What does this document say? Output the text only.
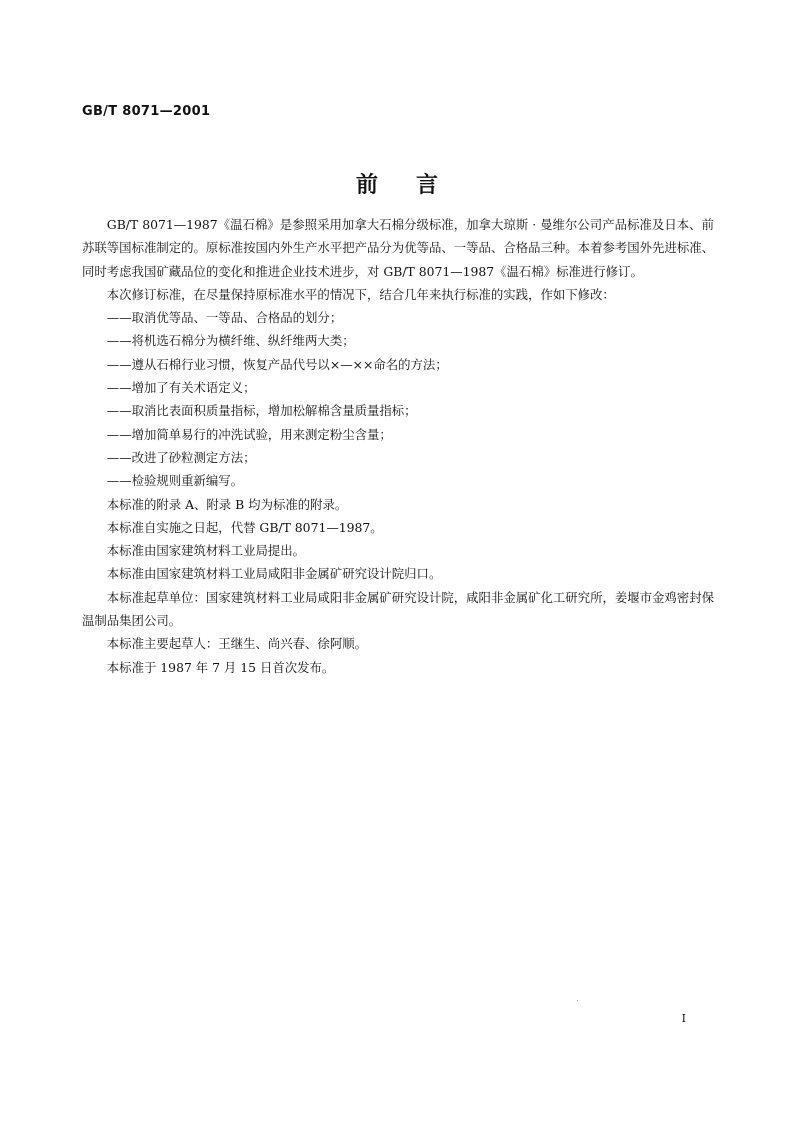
GB/T 8071—2001
前言

GB/T 8071—1987《温石棉》是参照采用加拿大石棉分级标准，加拿大琼斯 · 曼维尔公司产品标准及日本、前苏联等国标准制定的。原标准按国内外生产水平把产品分为优等品、一等品、合格品三种。本着参考国外先进标准、同时考虑我国矿藏品位的变化和推进企业技术进步，对 GB/T 8071—1987《温石棉》标准进行修订。

本次修订标准，在尽量保持原标准水平的情况下，结合几年来执行标准的实践，作如下修改：

——取消优等品、一等品、合格品的划分；

——将机选石棉分为横纤维、纵纤维两大类；

——遵从石棉行业习惯，恢复产品代号以×—××命名的方法；

——增加了有关术语定义；

——取消比表面积质量指标，增加松解棉含量质量指标；

——增加简单易行的冲洗试验，用来测定粉尘含量；

——改进了砂粒测定方法；

——检验规则重新编写。

本标准的附录 A、附录 B 均为标准的附录。

本标准自实施之日起，代替 GB/T 8071—1987。

本标准由国家建筑材料工业局提出。

本标准由国家建筑材料工业局咸阳非金属矿研究设计院归口。

本标准起草单位：国家建筑材料工业局咸阳非金属矿研究设计院，咸阳非金属矿化工研究所，姜堰市金鸡密封保温制品集团公司。

本标准主要起草人：王继生、尚兴春、徐阿顺。

本标准于 1987 年 7 月 15 日首次发布。

I
